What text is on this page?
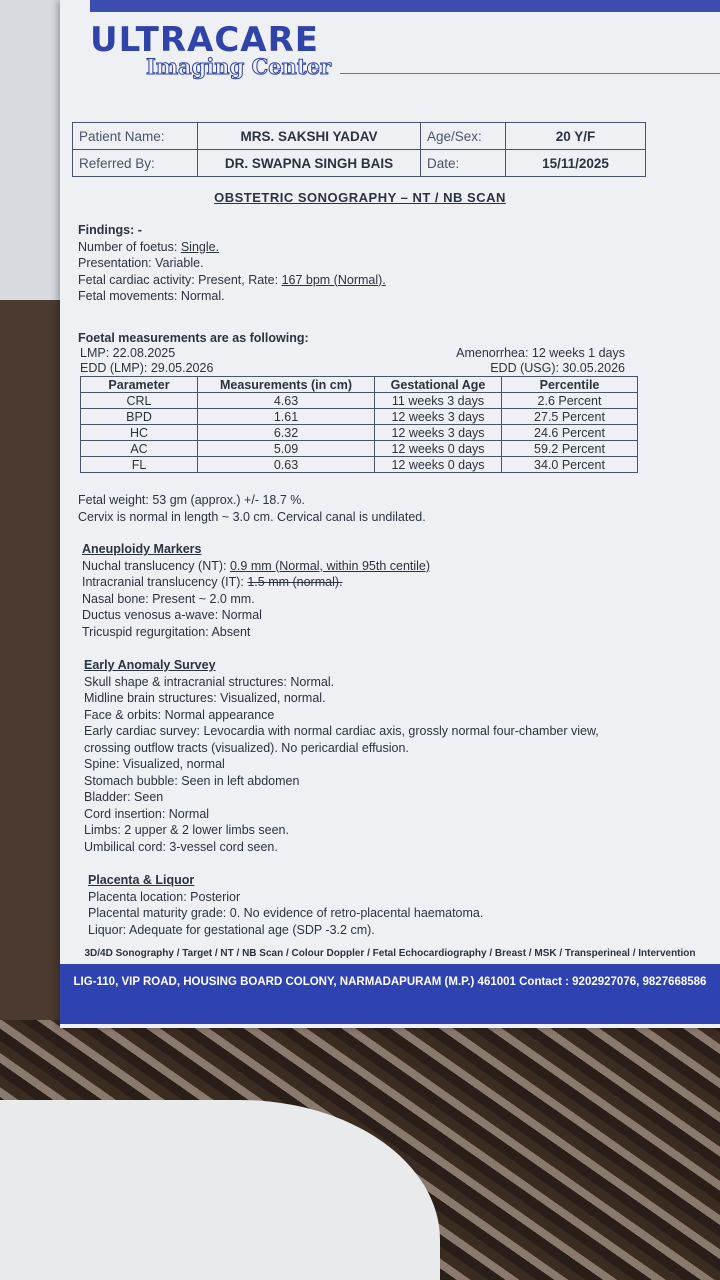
ULTRACARE
Imaging Center
Patient Name:	MRS. SAKSHI YADAV	Age/Sex:	20 Y/F
Referred By:	DR. SWAPNA SINGH BAIS	Date:	15/11/2025
OBSTETRIC SONOGRAPHY – NT / NB SCAN
Findings: -
Number of foetus: Single.
Presentation: Variable.
Fetal cardiac activity: Present, Rate: 167 bpm (Normal).
Fetal movements: Normal.
Foetal measurements are as following:
LMP: 22.08.2025	Amenorrhea: 12 weeks 1 days
EDD (LMP): 29.05.2026	EDD (USG): 30.05.2026
Parameter	Measurements (in cm)	Gestational Age	Percentile
CRL	4.63	11 weeks 3 days	2.6 Percent
BPD	1.61	12 weeks 3 days	27.5 Percent
HC	6.32	12 weeks 3 days	24.6 Percent
AC	5.09	12 weeks 0 days	59.2 Percent
FL	0.63	12 weeks 0 days	34.0 Percent
Fetal weight: 53 gm (approx.) +/- 18.7 %.
Cervix is normal in length ~ 3.0 cm. Cervical canal is undilated.
Aneuploidy Markers
Nuchal translucency (NT): 0.9 mm (Normal, within 95th centile)
Intracranial translucency (IT): 1.5 mm (normal).
Nasal bone: Present ~ 2.0 mm.
Ductus venosus a-wave: Normal
Tricuspid regurgitation: Absent
Early Anomaly Survey
Skull shape & intracranial structures: Normal.
Midline brain structures: Visualized, normal.
Face & orbits: Normal appearance
Early cardiac survey: Levocardia with normal cardiac axis, grossly normal four-chamber view,
crossing outflow tracts (visualized). No pericardial effusion.
Spine: Visualized, normal
Stomach bubble: Seen in left abdomen
Bladder: Seen
Cord insertion: Normal
Limbs: 2 upper & 2 lower limbs seen.
Umbilical cord: 3-vessel cord seen.
Placenta & Liquor
Placenta location: Posterior
Placental maturity grade: 0. No evidence of retro-placental haematoma.
Liquor: Adequate for gestational age (SDP -3.2 cm).
3D/4D Sonography / Target / NT / NB Scan / Colour Doppler / Fetal Echocardiography / Breast / MSK / Transperineal / Intervention
LIG-110, VIP ROAD, HOUSING BOARD COLONY, NARMADAPURAM (M.P.) 461001 Contact : 9202927076, 9827668586
